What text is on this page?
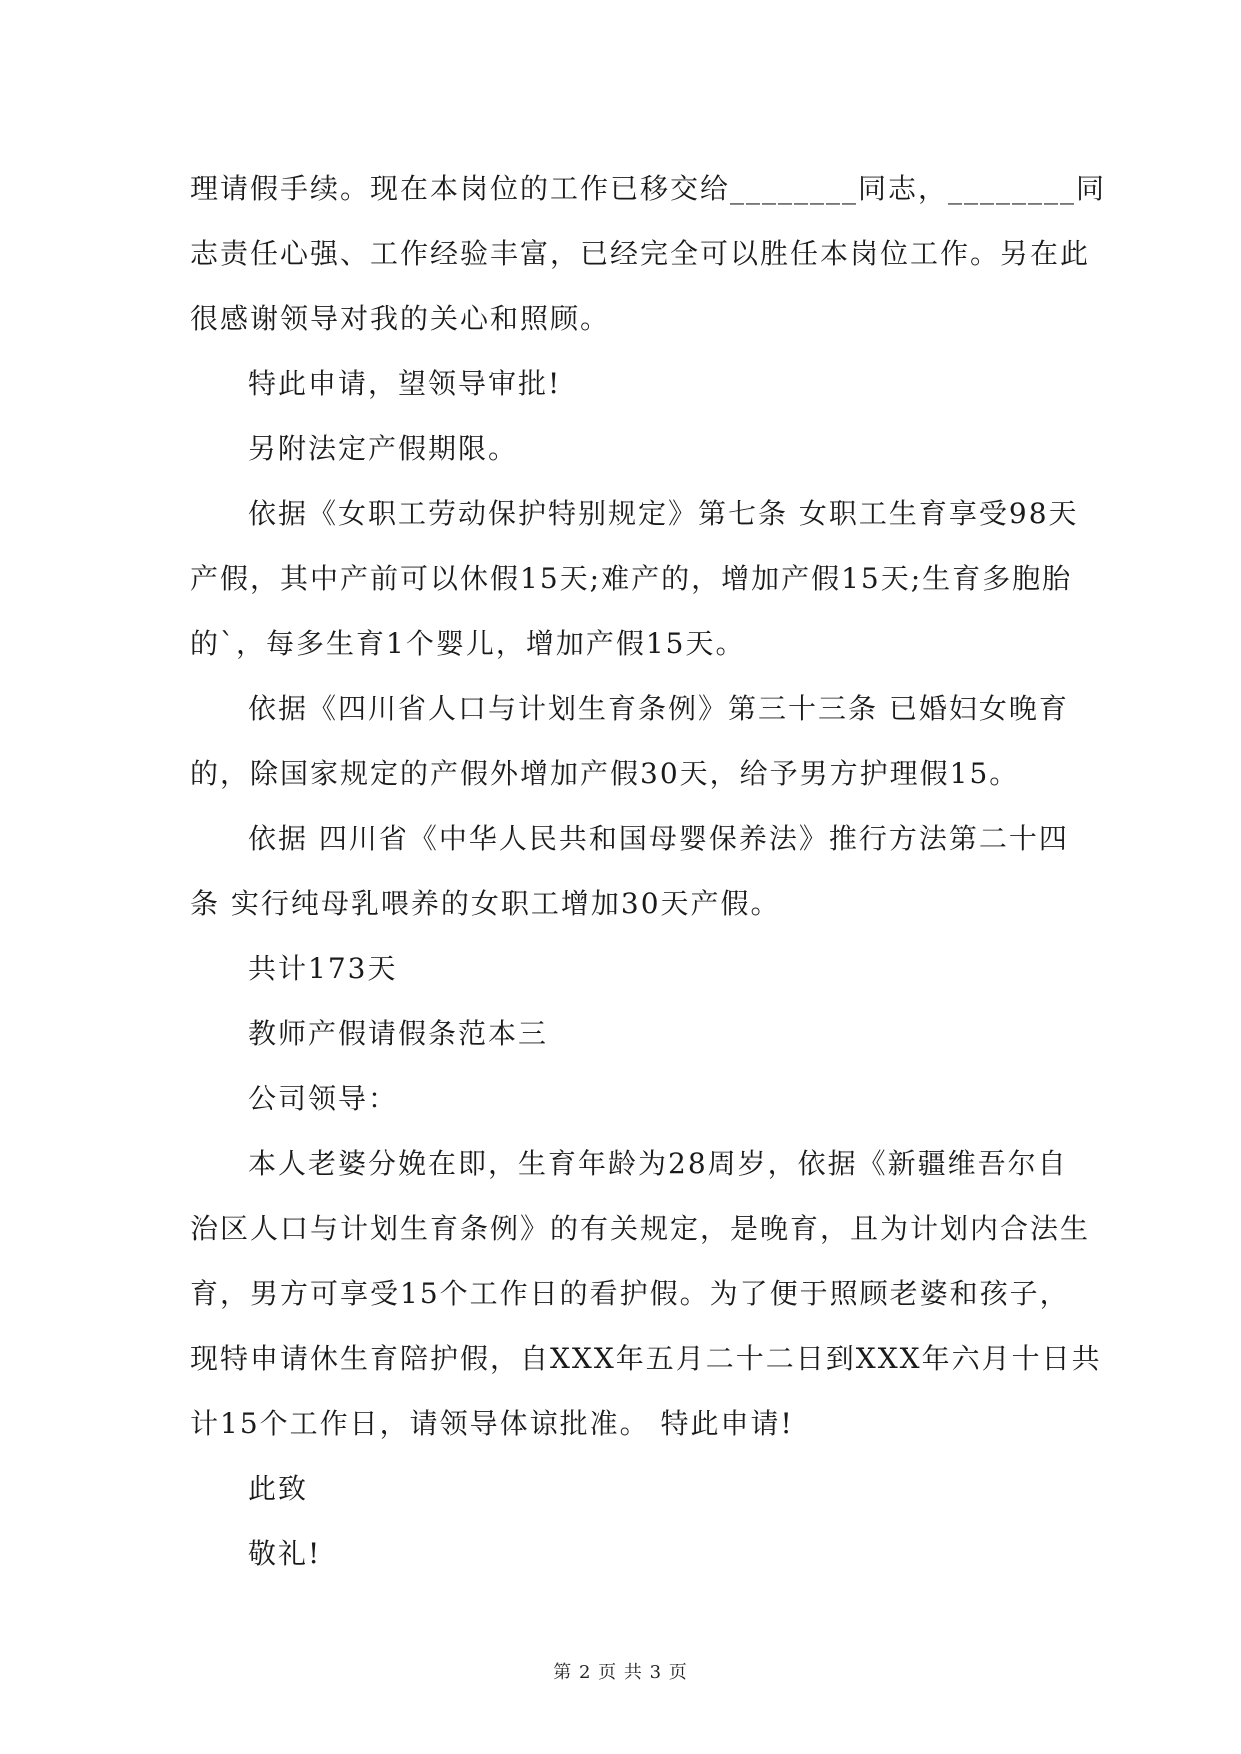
理请假手续。现在本岗位的工作已移交给________同志，________同

志责任心强、工作经验丰富，已经完全可以胜任本岗位工作。另在此

很感谢领导对我的关心和照顾。

特此申请，望领导审批!

另附法定产假期限。

依据《女职工劳动保护特别规定》第七条 女职工生育享受98天

产假，其中产前可以休假15天;难产的，增加产假15天;生育多胞胎

的`，每多生育1个婴儿，增加产假15天。

依据《四川省人口与计划生育条例》第三十三条 已婚妇女晚育

的，除国家规定的产假外增加产假30天，给予男方护理假15。

依据 四川省《中华人民共和国母婴保养法》推行方法第二十四

条 实行纯母乳喂养的女职工增加30天产假。

共计173天

教师产假请假条范本三

公司领导：

本人老婆分娩在即，生育年龄为28周岁，依据《新疆维吾尔自

治区人口与计划生育条例》的有关规定，是晚育，且为计划内合法生

育，男方可享受15个工作日的看护假。为了便于照顾老婆和孩子，

现特申请休生育陪护假，自XXX年五月二十二日到XXX年六月十日共

计15个工作日，请领导体谅批准。 特此申请!

此致

敬礼!

第 2 页 共 3 页
